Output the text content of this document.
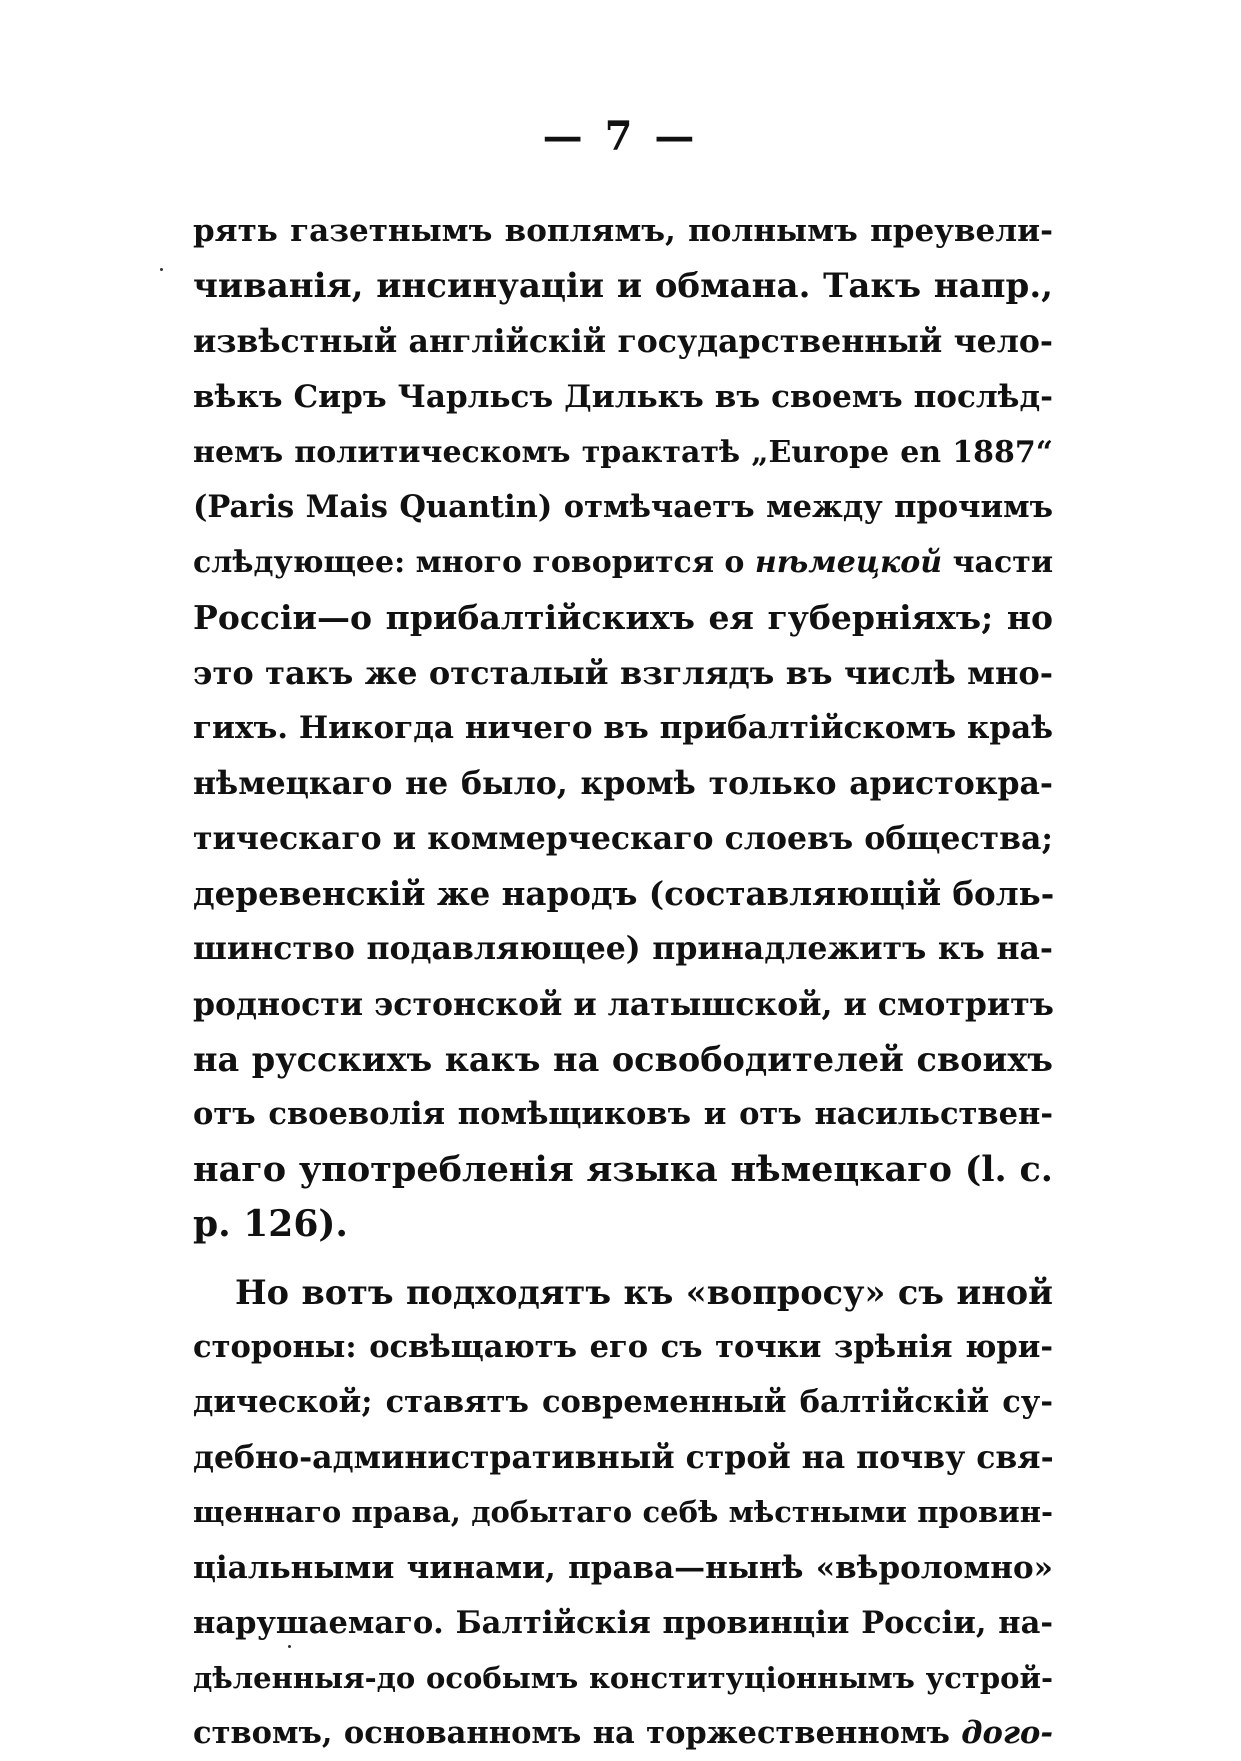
— 7 —
рять газетнымъ воплямъ, полнымъ преувели-
чиванія, инсинуаціи и обмана. Такъ напр.,
извѣстный англійскій государственный чело-
вѣкъ Сиръ Чарльсъ Дилькъ въ своемъ послѣд-
немъ политическомъ трактатѣ „Europe en 1887“
(Paris Mais Quantin) отмѣчаетъ между прочимъ
слѣдующее: много говорится о нѣмецкой части
Россіи—о прибалтійскихъ ея губерніяхъ; но
это такъ же отсталый взглядъ въ числѣ мно-
гихъ. Никогда ничего въ прибалтійскомъ краѣ
нѣмецкаго не было, кромѣ только аристокра-
тическаго и коммерческаго слоевъ общества;
деревенскій же народъ (составляющій боль-
шинство подавляющее) принадлежитъ къ на-
родности эстонской и латышской, и смотритъ
на русскихъ какъ на освободителей своихъ
отъ своеволія помѣщиковъ и отъ насильствен-
наго употребленія языка нѣмецкаго (l. c.
p. 126).
Но вотъ подходятъ къ «вопросу» съ иной
стороны: освѣщаютъ его съ точки зрѣнія юри-
дической; ставятъ современный балтійскій су-
дебно-административный строй на почву свя-
щеннаго права, добытаго себѣ мѣстными провин-
ціальными чинами, права—нынѣ «вѣроломно»
нарушаемаго. Балтійскія провинціи Россіи, на-
дѣленныя-до особымъ конституціоннымъ устрой-
ствомъ, основанномъ на торжественномъ дого-
